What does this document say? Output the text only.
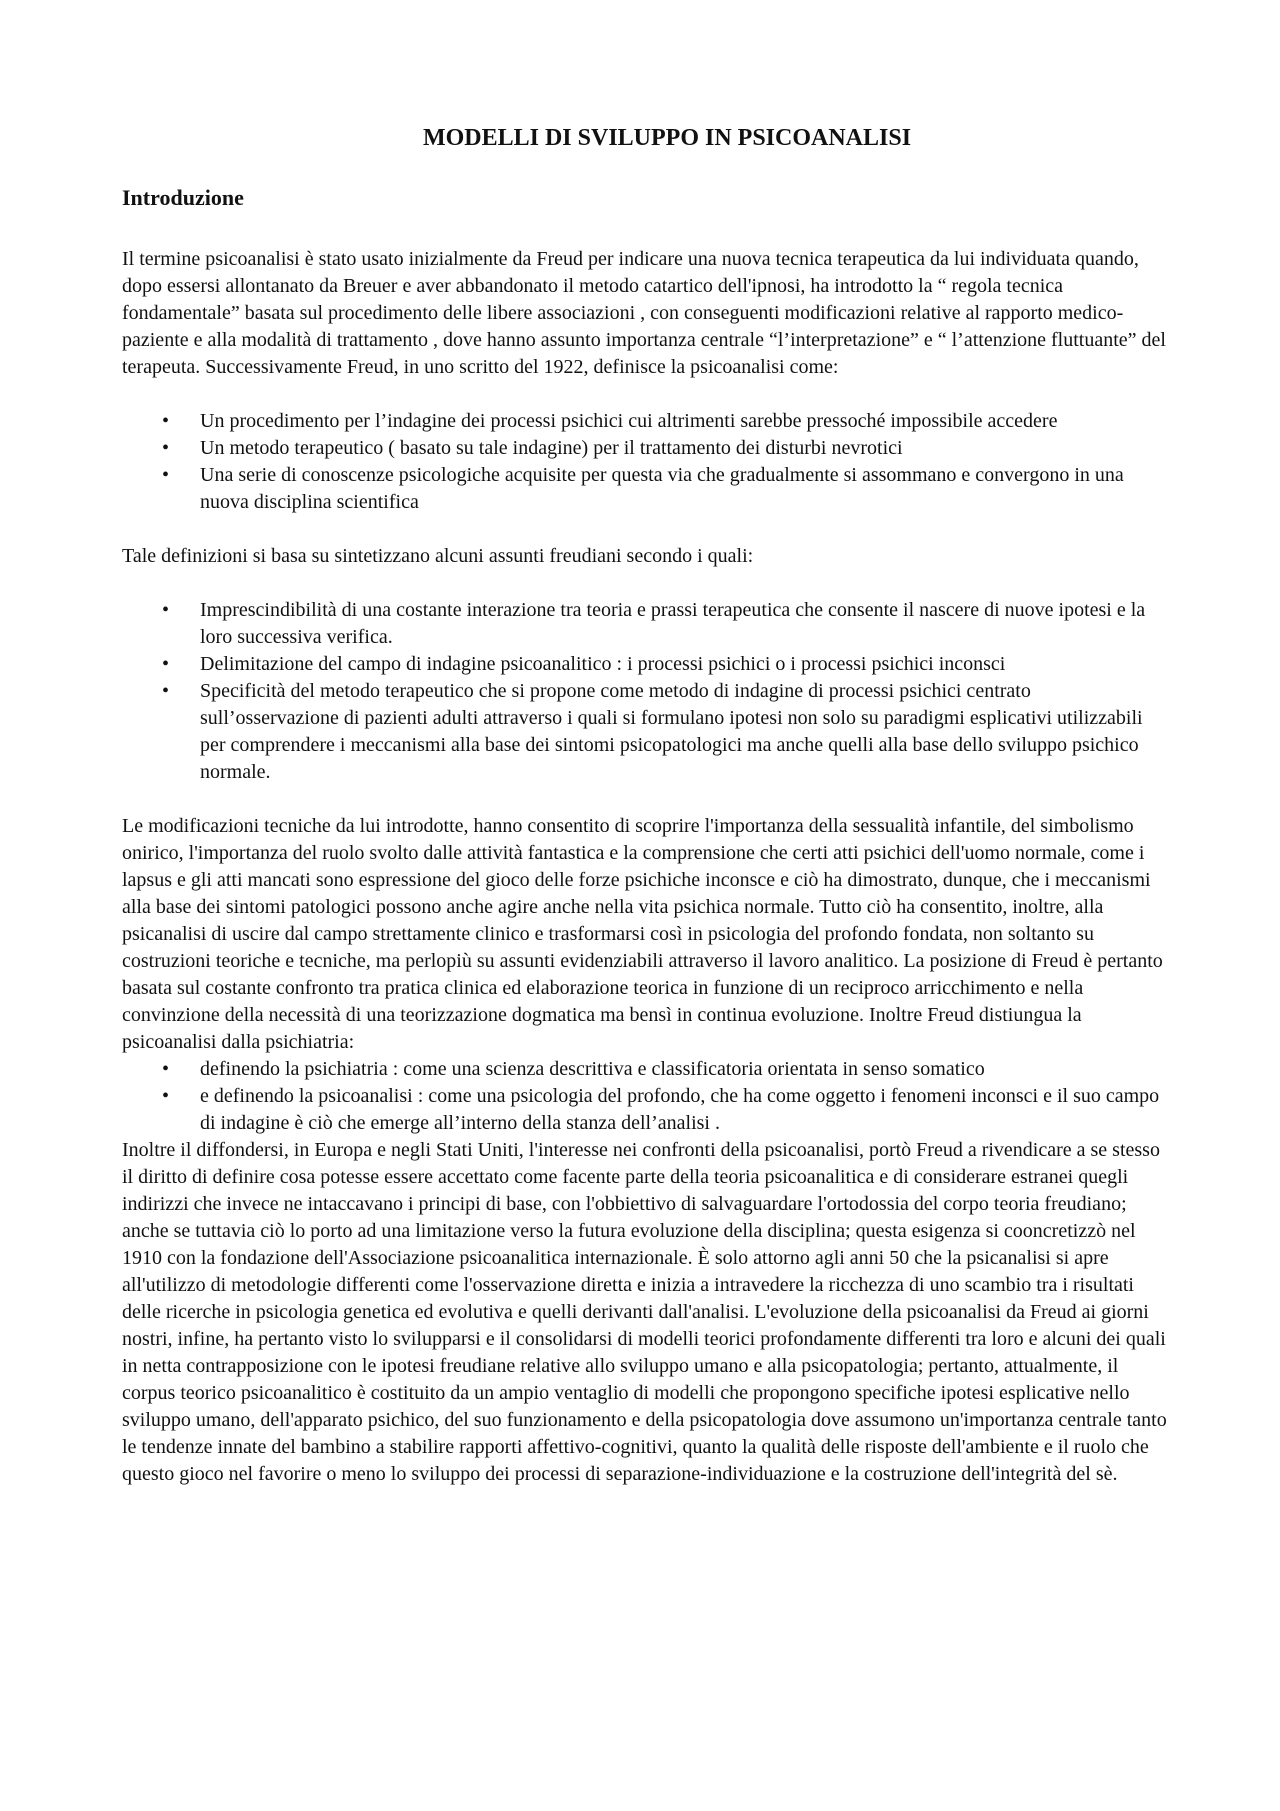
MODELLI DI SVILUPPO IN PSICOANALISI
Introduzione

Il termine psicoanalisi è stato usato inizialmente da Freud per indicare una nuova tecnica terapeutica da lui individuata quando, dopo essersi allontanato da Breuer e aver abbandonato il metodo catartico dell'ipnosi, ha introdotto la “ regola tecnica fondamentale” basata sul procedimento delle libere associazioni , con conseguenti modificazioni relative al rapporto medico-paziente e alla modalità di trattamento , dove hanno assunto importanza centrale “l’interpretazione” e “ l’attenzione fluttuante” del terapeuta. Successivamente Freud, in uno scritto del 1922, definisce la psicoanalisi come:

• Un procedimento per l’indagine dei processi psichici cui altrimenti sarebbe pressoché impossibile accedere
• Un metodo terapeutico ( basato su tale indagine) per il trattamento dei disturbi nevrotici
• Una serie di conoscenze psicologiche acquisite per questa via che gradualmente si assommano e convergono in una nuova disciplina scientifica

Tale definizioni si basa su sintetizzano alcuni assunti freudiani secondo i quali:

• Imprescindibilità di una costante interazione tra teoria e prassi terapeutica che consente il nascere di nuove ipotesi e la loro successiva verifica.
• Delimitazione del campo di indagine psicoanalitico : i processi psichici o i processi psichici inconsci
• Specificità del metodo terapeutico che si propone come metodo di indagine di processi psichici centrato sull’osservazione di pazienti adulti attraverso i quali si formulano ipotesi non solo su paradigmi esplicativi utilizzabili per comprendere i meccanismi alla base dei sintomi psicopatologici ma anche quelli alla base dello sviluppo psichico normale.

Le modificazioni tecniche da lui introdotte, hanno consentito di scoprire l'importanza della sessualità infantile, del simbolismo onirico, l'importanza del ruolo svolto dalle attività fantastica e la comprensione che certi atti psichici dell'uomo normale, come i lapsus e gli atti mancati sono espressione del gioco delle forze psichiche inconsce e ciò ha dimostrato, dunque, che i meccanismi alla base dei sintomi patologici possono anche agire anche nella vita psichica normale. Tutto ciò ha consentito, inoltre, alla psicanalisi di uscire dal campo strettamente clinico e trasformarsi così in psicologia del profondo fondata, non soltanto su costruzioni teoriche e tecniche, ma perlopiù su assunti evidenziabili attraverso il lavoro analitico. La posizione di Freud è pertanto basata sul costante confronto tra pratica clinica ed elaborazione teorica in funzione di un reciproco arricchimento e nella convinzione della necessità di una teorizzazione dogmatica ma bensì in continua evoluzione. Inoltre Freud distiungua la psicoanalisi dalla psichiatria:

• definendo la psichiatria : come una scienza descrittiva e classificatoria orientata in senso somatico
• e definendo la psicoanalisi : come una psicologia del profondo, che ha come oggetto i fenomeni inconsci e il suo campo di indagine è ciò che emerge all’interno della stanza dell’analisi .

Inoltre il diffondersi, in Europa e negli Stati Uniti, l'interesse nei confronti della psicoanalisi, portò Freud a rivendicare a se stesso il diritto di definire cosa potesse essere accettato come facente parte della teoria psicoanalitica e di considerare estranei quegli indirizzi che invece ne intaccavano i principi di base, con l'obbiettivo di salvaguardare l'ortodossia del corpo teoria freudiano; anche se tuttavia ciò lo porto ad una limitazione verso la futura evoluzione della disciplina; questa esigenza si cooncretizzò nel 1910 con la fondazione dell'Associazione psicoanalitica internazionale. È solo attorno agli anni 50 che la psicanalisi si apre all'utilizzo di metodologie differenti come l'osservazione diretta e inizia a intravedere la ricchezza di uno scambio tra i risultati delle ricerche in psicologia genetica ed evolutiva e quelli derivanti dall'analisi. L'evoluzione della psicoanalisi da Freud ai giorni nostri, infine, ha pertanto visto lo svilupparsi e il consolidarsi di modelli teorici profondamente differenti tra loro e alcuni dei quali in netta contrapposizione con le ipotesi freudiane relative allo sviluppo umano e alla psicopatologia; pertanto, attualmente, il corpus teorico psicoanalitico è costituito da un ampio ventaglio di modelli che propongono specifiche ipotesi esplicative nello sviluppo umano, dell'apparato psichico, del suo funzionamento e della psicopatologia dove assumono un'importanza centrale tanto le tendenze innate del bambino a stabilire rapporti affettivo-cognitivi, quanto la qualità delle risposte dell'ambiente e il ruolo che questo gioco nel favorire o meno lo sviluppo dei processi di separazione-individuazione e la costruzione dell'integrità del sè.
